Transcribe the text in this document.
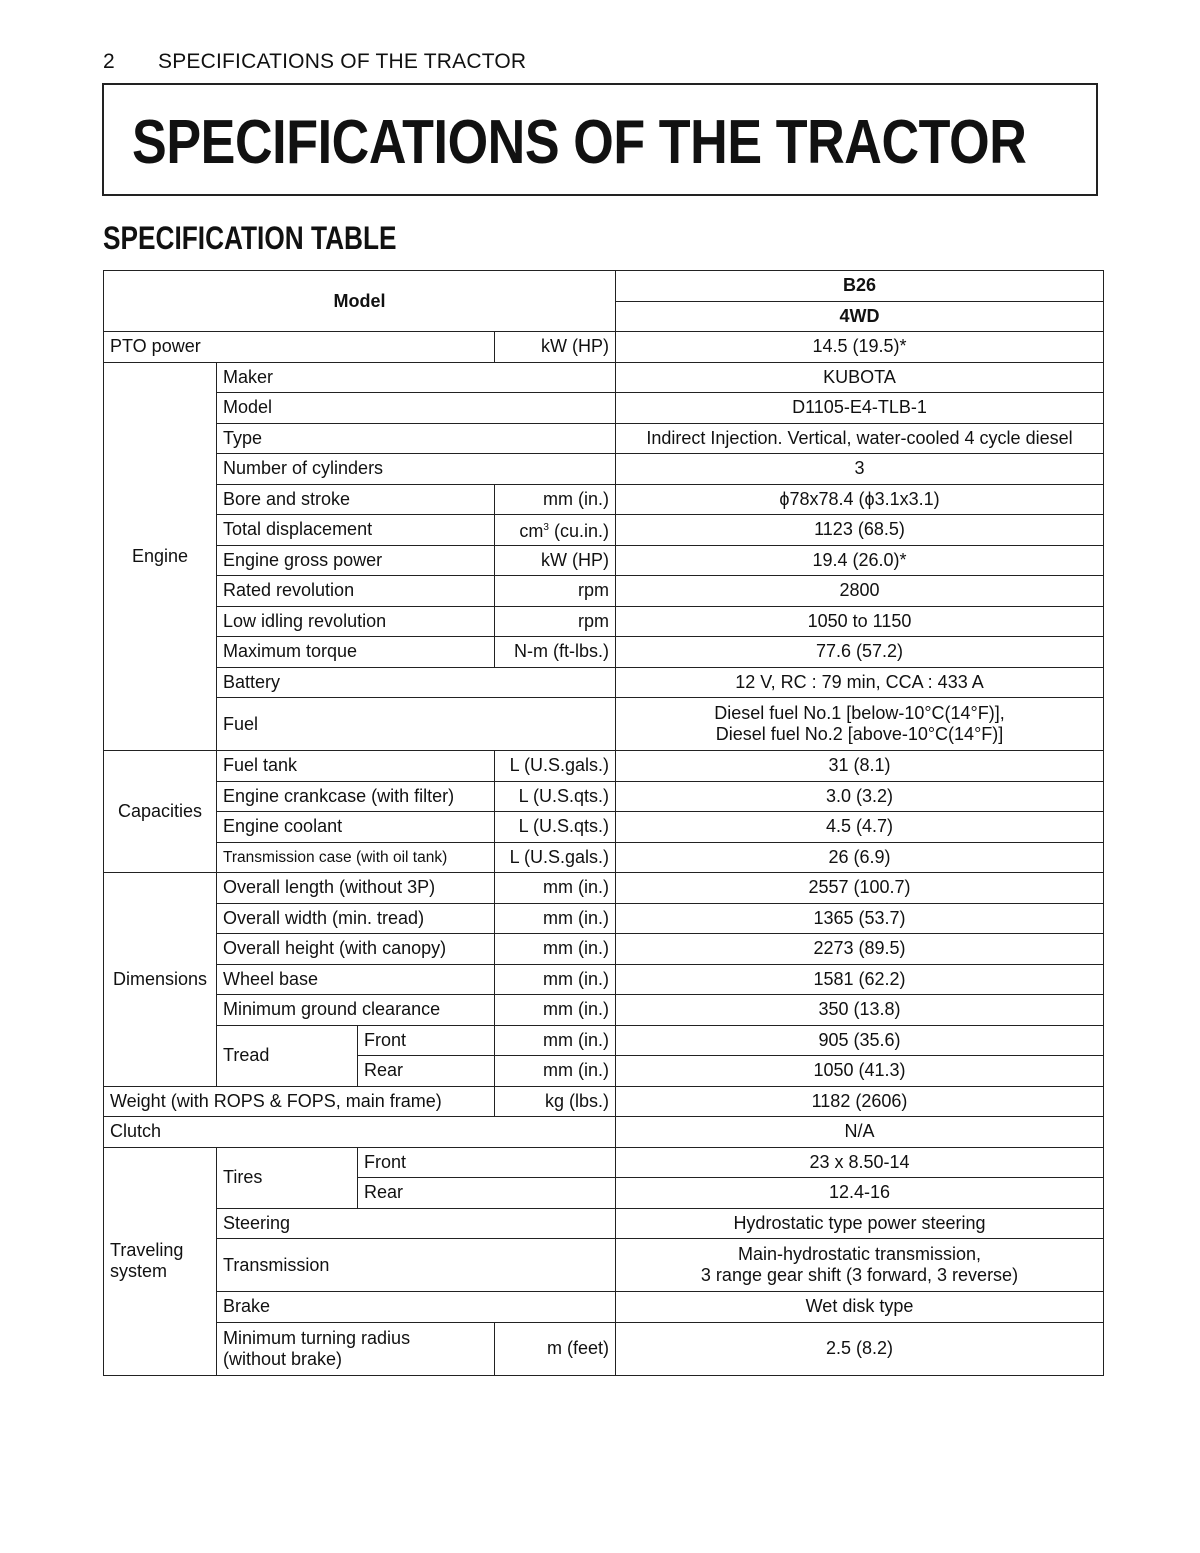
2 SPECIFICATIONS OF THE TRACTOR
SPECIFICATIONS OF THE TRACTOR
SPECIFICATION TABLE
Model				B26
				4WD
PTO power			kW (HP)	14.5 (19.5)*
Engine	Maker			KUBOTA
	Model			D1105-E4-TLB-1
	Type			Indirect Injection. Vertical, water-cooled 4 cycle diesel
	Number of cylinders			3
	Bore and stroke		mm (in.)	ϕ78x78.4 (ϕ3.1x3.1)
	Total displacement		$cm^3$ (cu.in.)	1123 (68.5)
	Engine gross power		kW (HP)	19.4 (26.0)*
	Rated revolution		rpm	2800
	Low idling revolution		rpm	1050 to 1150
	Maximum torque		N-m (ft-lbs.)	77.6 (57.2)
	Battery			12 V, RC : 79 min, CCA : 433 A
	Fuel			Diesel fuel No.1 [below-10°C(14°F)],
Diesel fuel No.2 [above-10°C(14°F)]

Capacities	Fuel tank		L (U.S.gals.)	31 (8.1)
	Engine crankcase (with filter)		L (U.S.qts.)	3.0 (3.2)
	Engine coolant		L (U.S.qts.)	4.5 (4.7)
	Transmission case (with oil tank)		L (U.S.gals.)	26 (6.9)
Dimensions	Overall length (without 3P)		mm (in.)	2557 (100.7)
	Overall width (min. tread)		mm (in.)	1365 (53.7)
	Overall height (with canopy)		mm (in.)	2273 (89.5)
	Wheel base		mm (in.)	1581 (62.2)
	Minimum ground clearance		mm (in.)	350 (13.8)
	Tread	Front	mm (in.)	905 (35.6)
		Rear	mm (in.)	1050 (41.3)
Weight (with ROPS & FOPS, main frame)			kg (lbs.)	1182 (2606)
Clutch				N/A

Traveling
system	Tires	Front		23 x 8.50-14
		Rear		12.4-16
	Steering			Hydrostatic type power steering
	Transmission			Main-hydrostatic transmission,
3 range gear shift (3 forward, 3 reverse)

	Brake			Wet disk type

	Minimum turning radius
(without brake)		m (feet)	2.5 (8.2)
